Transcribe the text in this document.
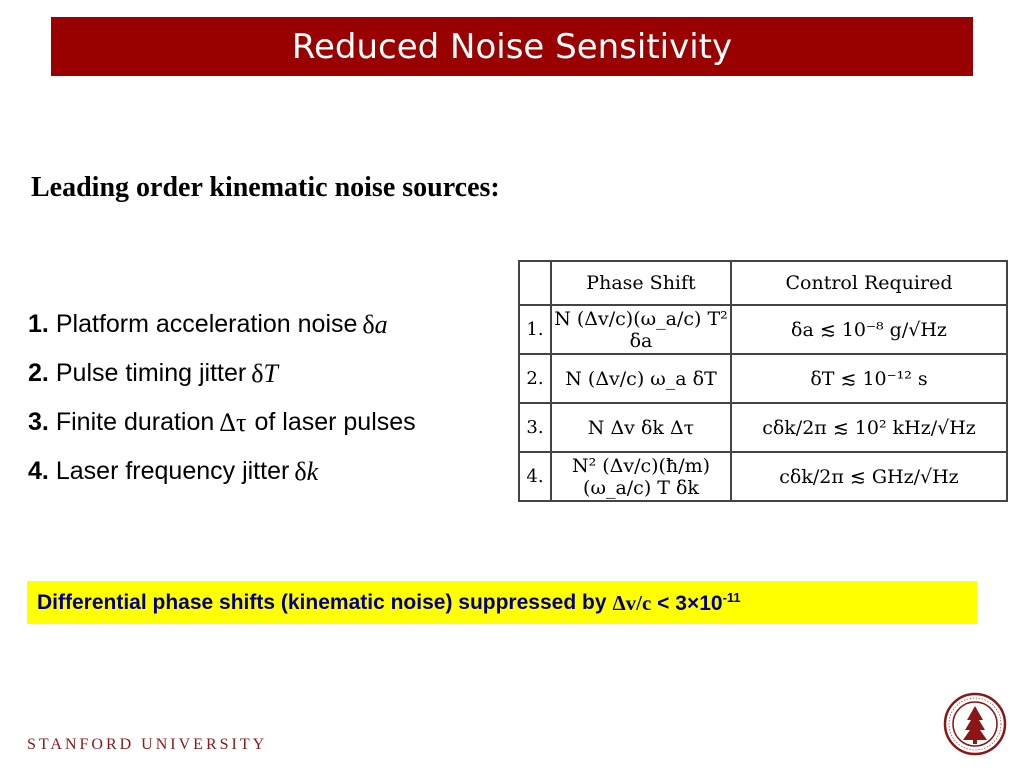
Reduced Noise Sensitivity
Leading order kinematic noise sources:
1. Platform acceleration noise δa
2. Pulse timing jitter δT
3. Finite duration Δτ of laser pulses
4. Laser frequency jitter δk
	Phase Shift	Control Required
1.	N (Δv/c)(ω_a/c) T² δa	δa ≲ 10⁻⁸ g/√Hz
2.	N (Δv/c) ω_a δT	δT ≲ 10⁻¹² s
3.	N Δv δk Δτ	cδk/2π ≲ 10² kHz/√Hz
4.	N² (Δv/c)(ħ/m)(ω_a/c) T δk	cδk/2π ≲ GHz/√Hz
Differential phase shifts (kinematic noise) suppressed by $\Delta v/c < 3\times 10^{-11}$
STANFORD UNIVERSITY
